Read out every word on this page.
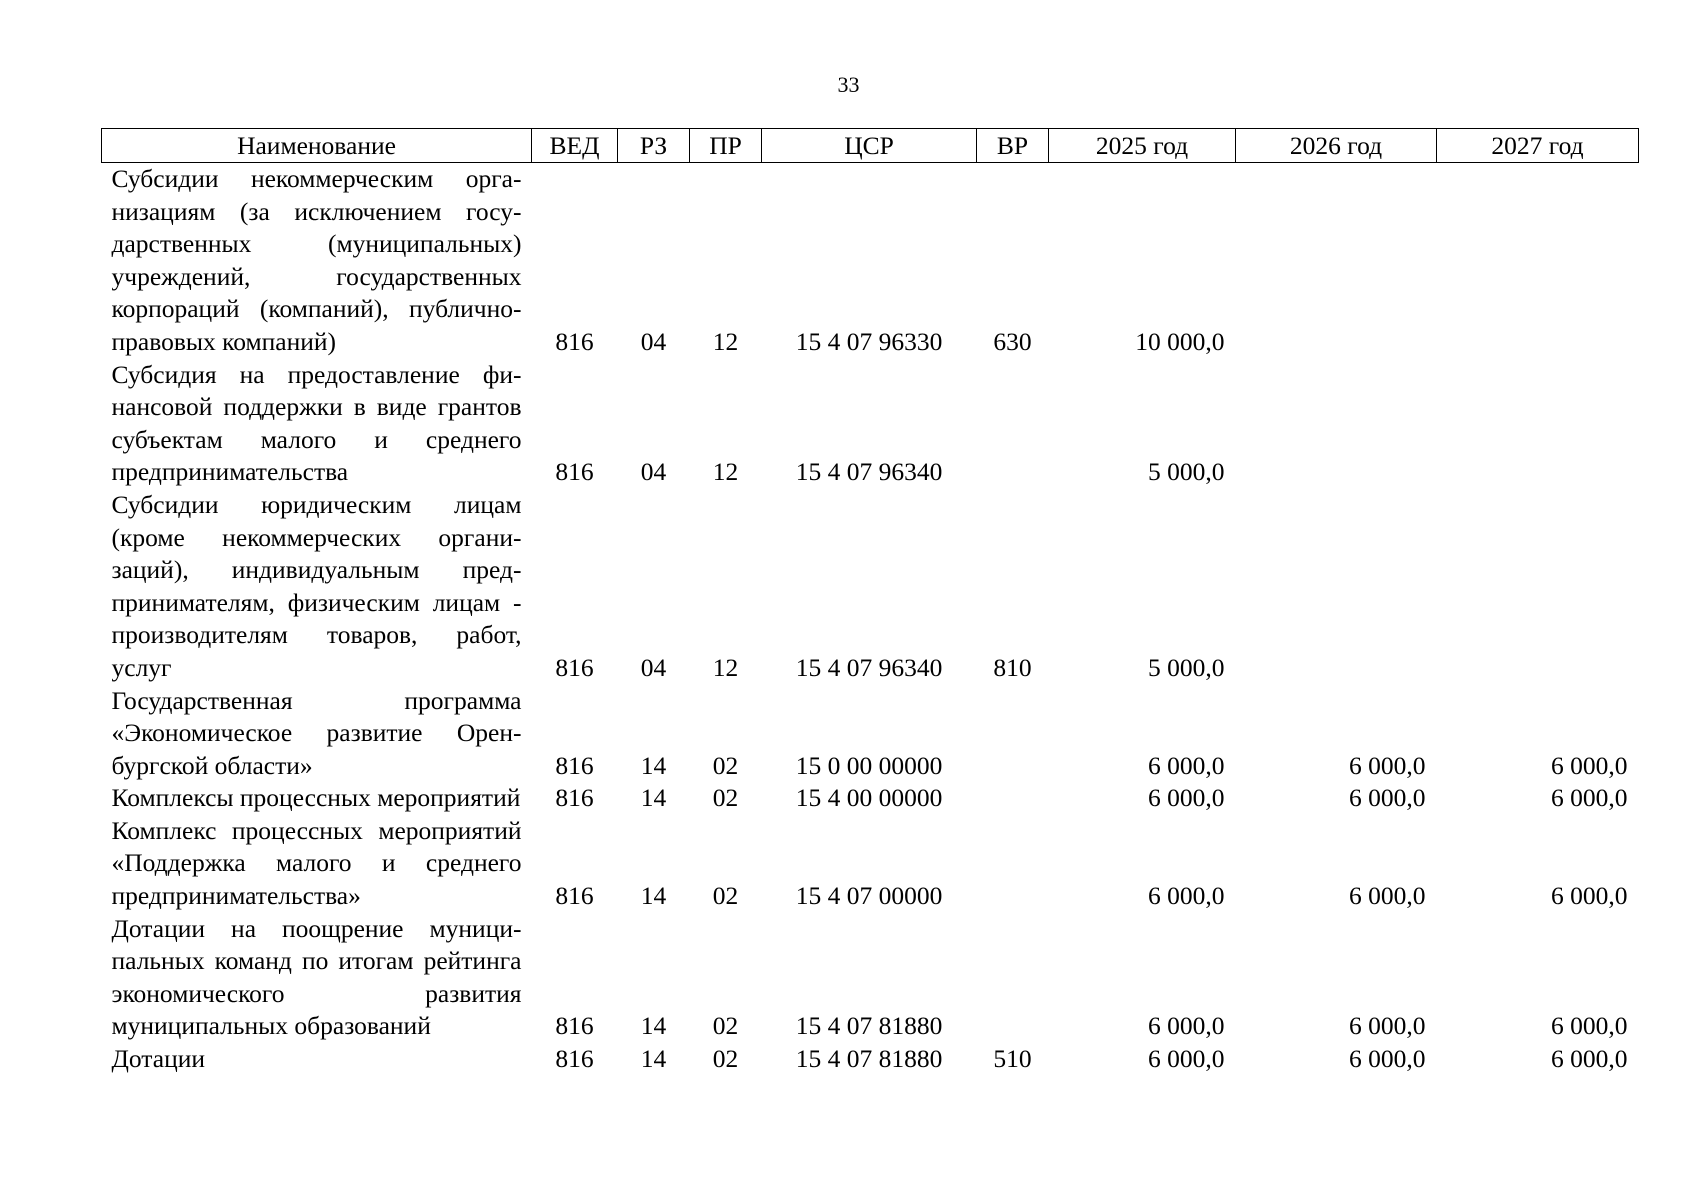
33
Наименование	ВЕД	РЗ	ПР	ЦСР	ВР	2025 год	2026 год	2027 год
Субсидии некоммерческим организациям (за исключением государственных (муниципальных) учреждений, государственных корпораций (компаний), публично-правовых компаний)	816	04	12	15 4 07 96330	630	10 000,0		
Субсидия на предоставление финансовой поддержки в виде грантов субъектам малого и среднего предпринимательства	816	04	12	15 4 07 96340		5 000,0		
Субсидии юридическим лицам (кроме некоммерческих организаций), индивидуальным предпринимателям, физическим лицам - производителям товаров, работ, услуг	816	04	12	15 4 07 96340	810	5 000,0		
Государственная программа «Экономическое развитие Оренбургской области»	816	14	02	15 0 00 00000		6 000,0	6 000,0	6 000,0
Комплексы процессных мероприятий	816	14	02	15 4 00 00000		6 000,0	6 000,0	6 000,0
Комплекс процессных мероприятий «Поддержка малого и среднего предпринимательства»	816	14	02	15 4 07 00000		6 000,0	6 000,0	6 000,0
Дотации на поощрение муниципальных команд по итогам рейтинга экономического развития муниципальных образований	816	14	02	15 4 07 81880		6 000,0	6 000,0	6 000,0
Дотации	816	14	02	15 4 07 81880	510	6 000,0	6 000,0	6 000,0
